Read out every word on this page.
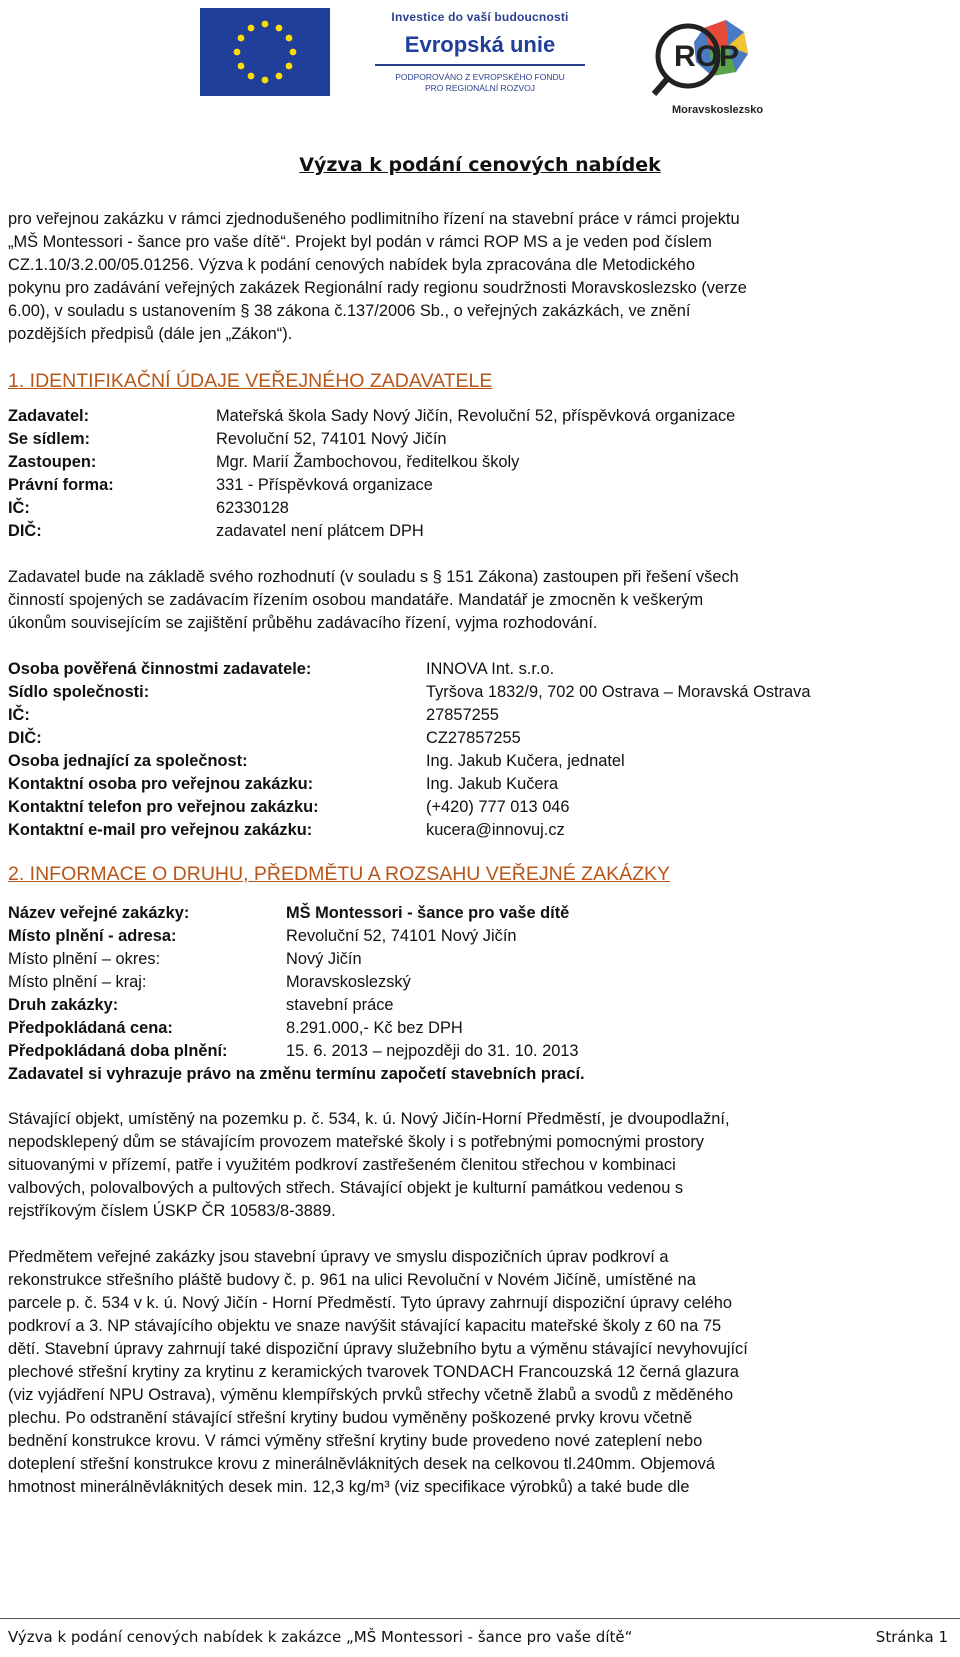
Investice do vaší budoucnosti
Evropská unie
PODPOROVÁNO Z EVROPSKÉHO FONDU
PRO REGIONÁLNÍ ROZVOJ
ROP
2007-13
Moravskoslezsko
Výzva k podání cenových nabídek

pro veřejnou zakázku v rámci zjednodušeného podlimitního řízení na stavební práce v rámci projektu

„MŠ Montessori - šance pro vaše dítě“. Projekt byl podán v rámci ROP MS a je veden pod číslem

CZ.1.10/3.2.00/05.01256. Výzva k podání cenových nabídek byla zpracována dle Metodického

pokynu pro zadávání veřejných zakázek Regionální rady regionu soudržnosti Moravskoslezsko (verze

6.00), v souladu s ustanovením § 38 zákona č.137/2006 Sb., o veřejných zakázkách, ve znění

pozdějších předpisů (dále jen „Zákon“).

1. IDENTIFIKAČNÍ ÚDAJE VEŘEJNÉHO ZADAVATELE
Zadavatel:	Mateřská škola Sady Nový Jičín, Revoluční 52, příspěvková organizace
Se sídlem:	Revoluční 52, 74101 Nový Jičín
Zastoupen:	Mgr. Marií Žambochovou, ředitelkou školy
Právní forma:	331 - Příspěvková organizace
IČ:	62330128
DIČ:	zadavatel není plátcem DPH

Zadavatel bude na základě svého rozhodnutí (v souladu s § 151 Zákona) zastoupen při řešení všech

činností spojených se zadávacím řízením osobou mandatáře. Mandatář je zmocněn k veškerým

úkonům souvisejícím se zajištění průběhu zadávacího řízení, vyjma rozhodování.

Osoba pověřená činnostmi zadavatele:	INNOVA Int. s.r.o.
Sídlo společnosti:	Tyršova 1832/9, 702 00 Ostrava – Moravská Ostrava
IČ:	27857255
DIČ:	CZ27857255
Osoba jednající za společnost:	Ing. Jakub Kučera, jednatel
Kontaktní osoba pro veřejnou zakázku:	Ing. Jakub Kučera
Kontaktní telefon pro veřejnou zakázku:	(+420) 777 013 046
Kontaktní e-mail pro veřejnou zakázku:	kucera@innovuj.cz
2. INFORMACE O DRUHU, PŘEDMĚTU A ROZSAHU VEŘEJNÉ ZAKÁZKY
Název veřejné zakázky:	MŠ Montessori - šance pro vaše dítě
Místo plnění - adresa:	Revoluční 52, 74101 Nový Jičín
Místo plnění – okres:	Nový Jičín
Místo plnění – kraj:	Moravskoslezský
Druh zakázky:	stavební práce
Předpokládaná cena:	8.291.000,- Kč bez DPH
Předpokládaná doba plnění:	15. 6. 2013 – nejpozději do 31. 10. 2013
Zadavatel si vyhrazuje právo na změnu termínu započetí stavebních prací.

Stávající objekt, umístěný na pozemku p. č. 534, k. ú. Nový Jičín-Horní Předměstí, je dvoupodlažní,

nepodsklepený dům se stávajícím provozem mateřské školy i s potřebnými pomocnými prostory

situovanými v přízemí, patře i využitém podkroví zastřešeném členitou střechou v kombinaci

valbových, polovalbových a pultových střech. Stávající objekt je kulturní památkou vedenou s

rejstříkovým číslem ÚSKP ČR 10583/8-3889.

Předmětem veřejné zakázky jsou stavební úpravy ve smyslu dispozičních úprav podkroví a

rekonstrukce střešního pláště budovy č. p. 961 na ulici Revoluční v Novém Jičíně, umístěné na

parcele p. č. 534 v k. ú. Nový Jičín - Horní Předměstí. Tyto úpravy zahrnují dispoziční úpravy celého

podkroví a 3. NP stávajícího objektu ve snaze navýšit stávající kapacitu mateřské školy z 60 na 75

dětí. Stavební úpravy zahrnují také dispoziční úpravy služebního bytu a výměnu stávající nevyhovující

plechové střešní krytiny za krytinu z keramických tvarovek TONDACH Francouzská 12 černá glazura

(viz vyjádření NPU Ostrava), výměnu klempířských prvků střechy včetně žlabů a svodů z měděného

plechu. Po odstranění stávající střešní krytiny budou vyměněny poškozené prvky krovu včetně

bednění konstrukce krovu. V rámci výměny střešní krytiny bude provedeno nové zateplení nebo

doteplení střešní konstrukce krovu z minerálněvláknitých desek na celkovou tl.240mm. Objemová

hmotnost minerálněvláknitých desek min. 12,3 kg/m³ (viz specifikace výrobků) a také bude dle

Výzva k podání cenových nabídek k zakázce „MŠ Montessori - šance pro vaše dítě“	Stránka 1
